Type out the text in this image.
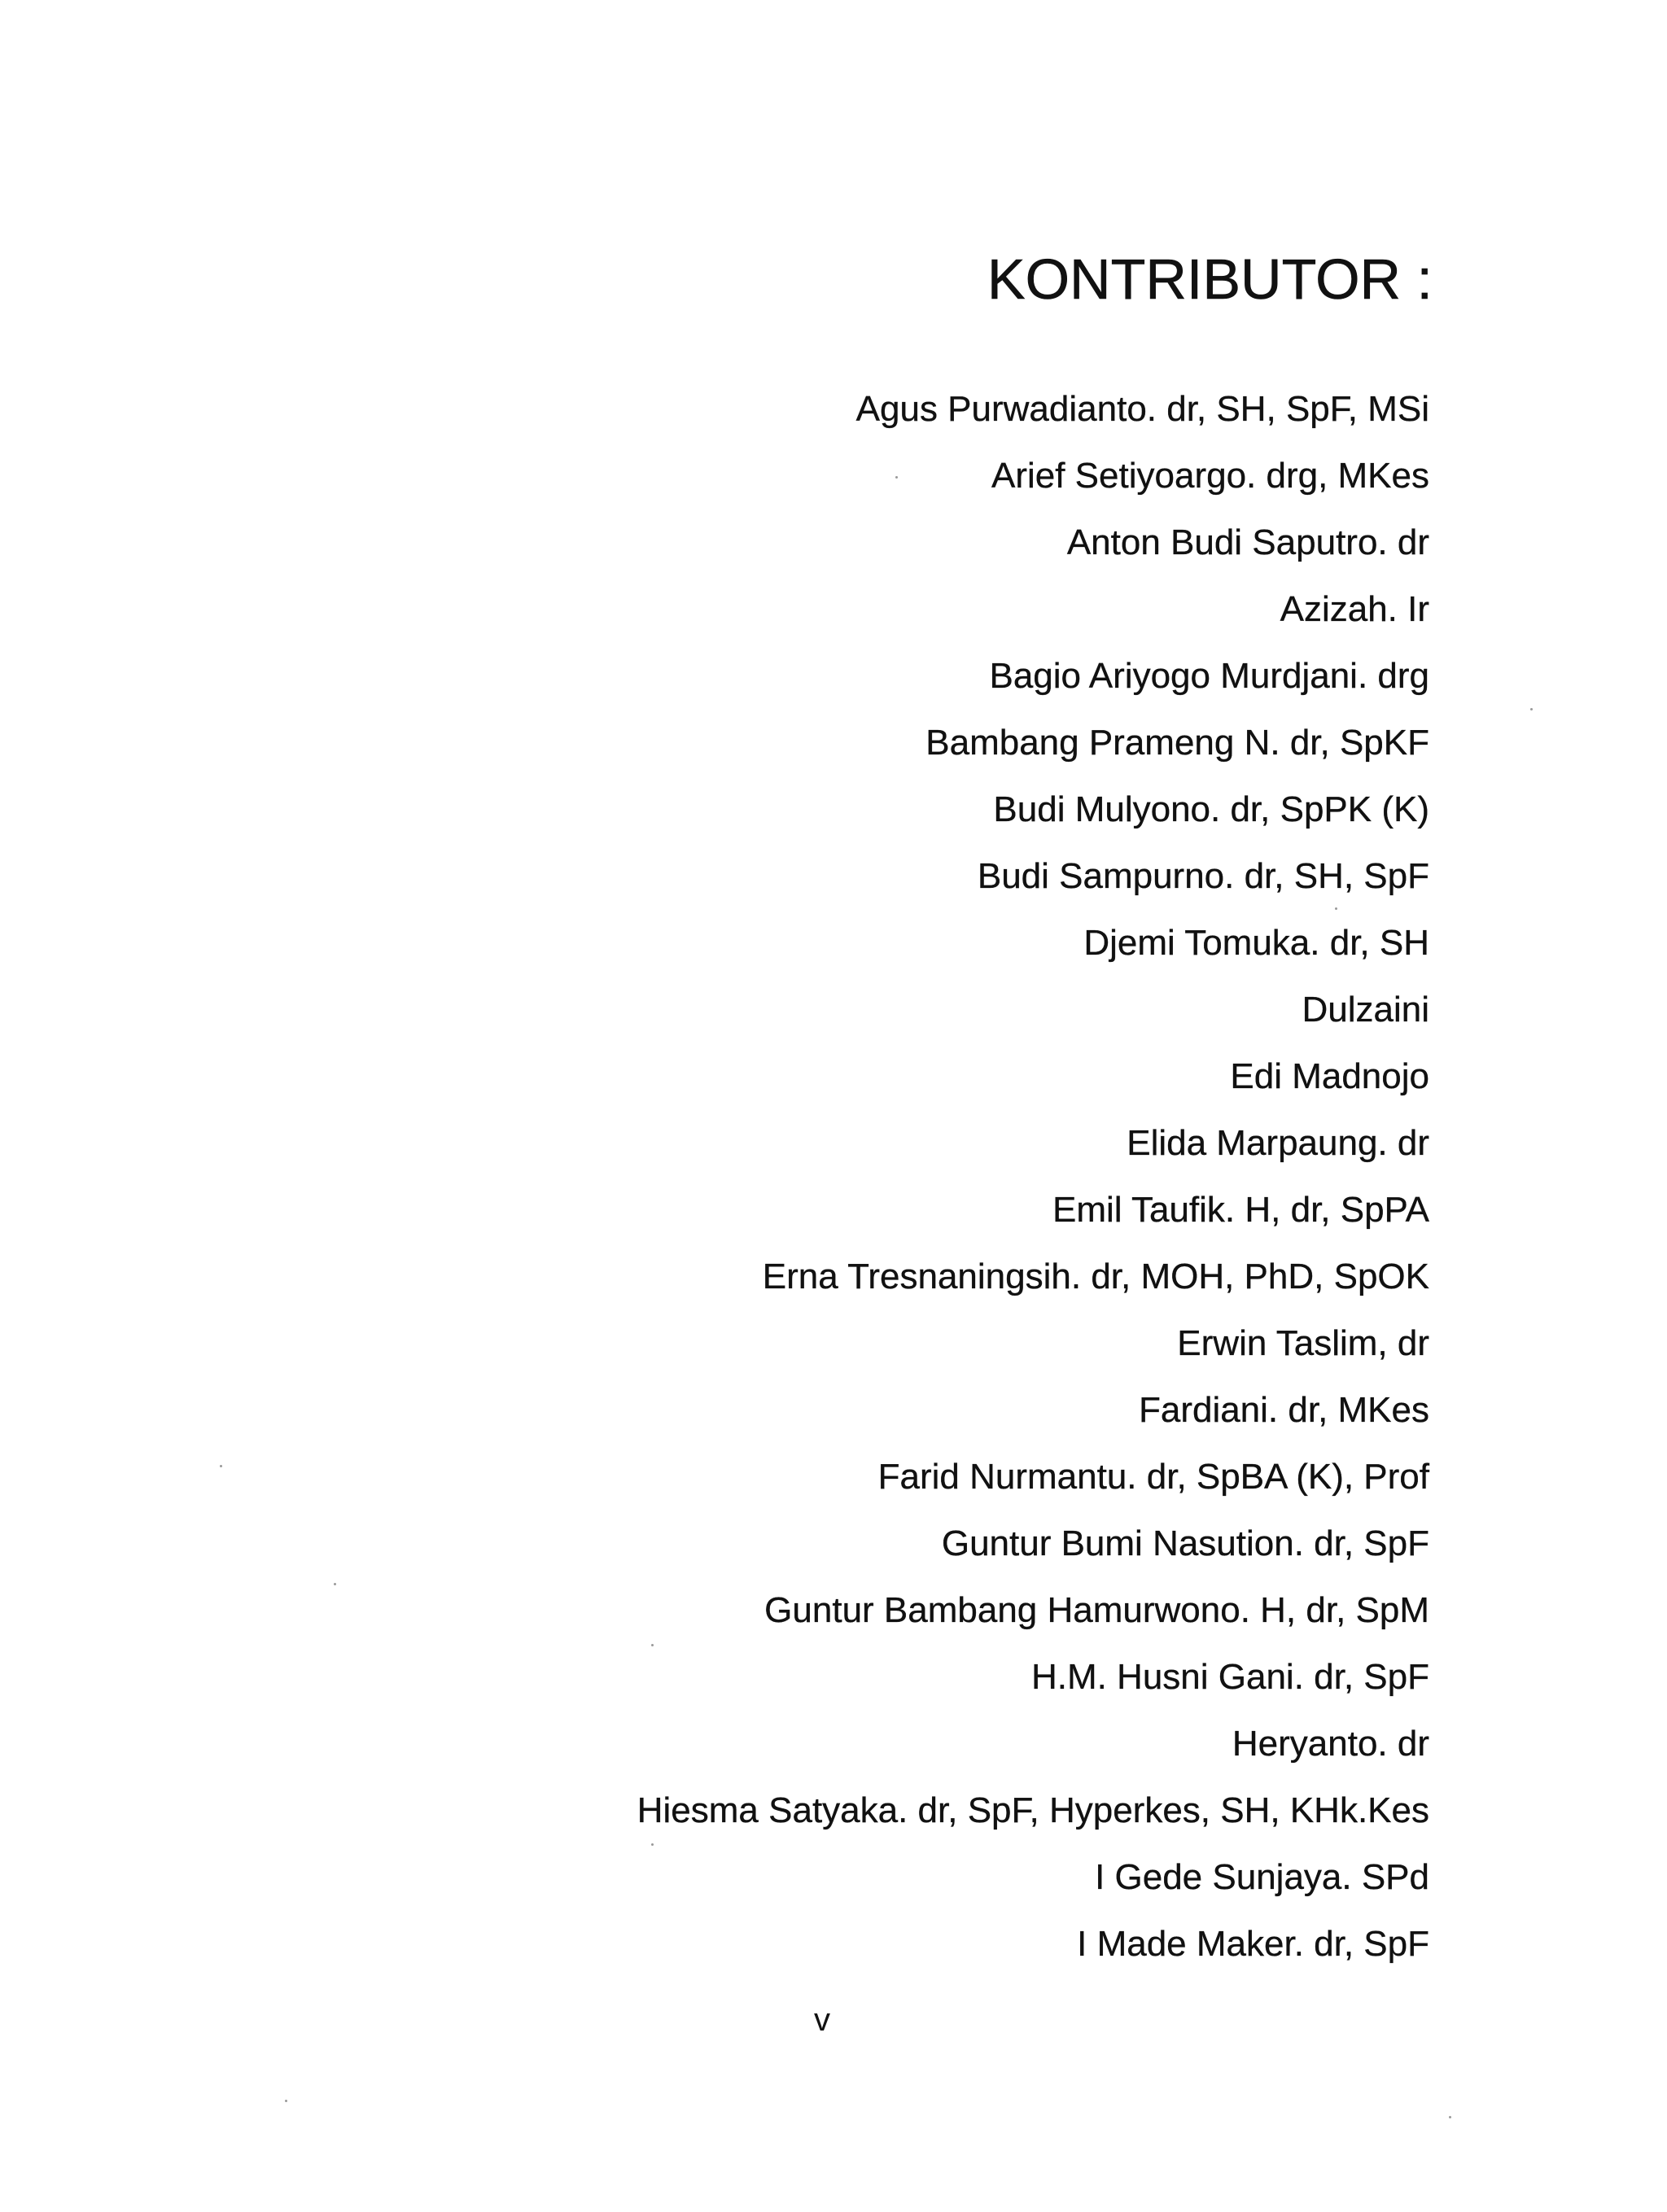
KONTRIBUTOR :
Agus Purwadianto. dr, SH, SpF, MSi
Arief Setiyoargo. drg, MKes
Anton Budi Saputro. dr
Azizah. Ir
Bagio Ariyogo Murdjani. drg
Bambang Prameng N. dr, SpKF
Budi Mulyono. dr, SpPK (K)
Budi Sampurno. dr, SH, SpF
Djemi Tomuka. dr, SH
Dulzaini
Edi Madnojo
Elida Marpaung. dr
Emil Taufik. H, dr, SpPA
Erna Tresnaningsih. dr, MOH, PhD, SpOK
Erwin Taslim, dr
Fardiani. dr, MKes
Farid Nurmantu. dr, SpBA (K), Prof
Guntur Bumi Nasution. dr, SpF
Guntur Bambang Hamurwono. H, dr, SpM
H.M. Husni Gani. dr, SpF
Heryanto. dr
Hiesma Satyaka. dr, SpF, Hyperkes, SH, KHk.Kes
I Gede Sunjaya. SPd
I Made Maker. dr, SpF
v
